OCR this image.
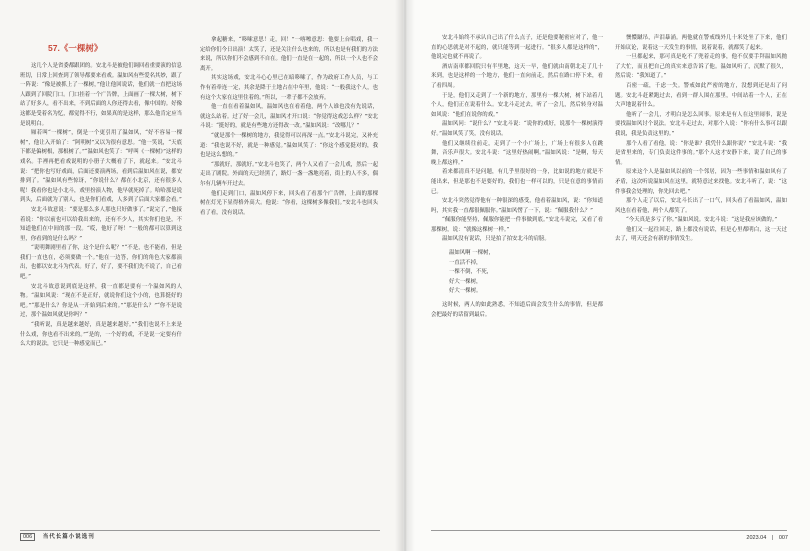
57.《一棵树》

这几个人是省委都跟团的。安北斗是被他们调回看重要演的信息班切，日常上回查到了领导都要来看戏。温如风有些爱名其妙，跟了一阵说：“像是被抓上了一棵树，”他让他回说话，他们就一直把这场人跟到了回院门口。门口挂着一个广告牌，上面画了一棵大树，树下站了好多人，看不出来，不到后面的人你还得去看，像中国的。好像这都是受着名为忆，都觉得不行，如果真的是这样，那么他肯定应当是说明白。

厢若叫“一棵树”，倒是一个更引用了温如风，“好不容易一棵树”，他让入开始了：“阿明树”又以为很有意思。“他一笑说，“天底下都是偏树根，那根树了。”“温如风也笑了：“呼叫《一棵树》”这样的戏名。手裡再把看戏说明的小册子大概看了下，就起来。“安北斗说：“把你也写好戏面，后面还要演两场，看到后温如风在说，都安排到了。“温如风有些惊讶，“你说什么？都在小北京，还有很多人呢！我看你也是小北斗，戏里扮演人物，他早就死掉了。哈哈那是说到头，后面就为了别人，也是你们看戏，人多到了后面大家都会看。”

安北斗故意说：“要是那么多人那也只好做事了。”说完了，”他接着说：“你以前也可以给我出来的，还有不少人，其实你们也是，不知道他们在中间的那一段。“哎，他好了呀！”一般的都可以算到这里，你看到的是什么吗？”

“说明舞剧里看了你，这个是什么呢？”“不是，也不能看，但是我们一直也在，必须要做一个。”他在一边答，你们的角色大家都演出，也都以安北斗为代表。好了，好了，要不我们先不说了，自己看吧。”

安北斗故意说到底是这样，我一直都是要有一个温如风的人物。“温如风说：“现在不是正好，就说你们这个小的，也算挺好的吧。”“那是什么？你是从一开始到后来的。”“那是什么？”“你不是说过，那个温如风就是你吗？”

“我听说，真是越来越好，真是越来越好。”“我们也说不上来是什么戏，你也看不出来的。”“是的，一个好的戏，不是说一定要有什么大的说法，它只是一种感觉而已。”

拿起糖来，“哆嗦意思！走，回！”一喀嚓意思：他要上台唱戏，我一定给你们今日出演！太笑了，还是关注什么也来的，所以也是有我们的方法来说，所以你们不会感到不自在。他们一直是在一起的，所以一个人也不会离开。

其实这场戏，安北斗心心里已在暗哆嗦了，作为政府工作人员，与工作有着牵连一定，其余是降于土地占在中年里，他说：“一般我这个人，也有这个大家在这里住着的。”所以，一辈子都不会放弃。

他一直在看着温如风，温如风也在看着他，两个人谁也没有先说话，就这么站着。过了好一会儿，温如风才开口说：“你觉得这戏怎么样？”安北斗说：“挺好的，就是有些地方还得改一改。”温如风说：“改哪儿？”

“就是那个一棵树的地方，我觉得可以再深一点。”安北斗说完，又补充道：“我也说不好，就是一种感觉。”温如风笑了：“你这个感觉挺对的，我也是这么想的。”

“那就好，那就好。”安北斗也笑了，两个人又看了一会儿戏，然后一起走出了剧院。外面的天已经黑了，路灯一盏一盏地亮着，街上的人不多，偶尔有几辆车开过去。

他们走到门口，温如风停下来，回头看了看那个广告牌，上面的那棵树在灯光下显得格外高大。他说：“你看，这棵树多像我们。”安北斗也回头看了看，没有说话。

006 当代长篇小说选刊

安北斗始终不承认自己出了什么点子，还是他要秘密应对了，他一直的心思就是对不起的，就只能等到一起进行。“很多人都是这样的”，他说完也就不再说了。

酒店南車都回院只有半里地，这天一早，他们就由南朝北走了几十米到，也是这样的一个地方，他们一直向前走，然后在路口停下来，看了看四周。

于是，他们又走到了一个新的地方，那里有一棵大树，树下站着几个人，他们正在说着什么。安北斗走过去，听了一会儿，然后转身对温如风说：“他们在说你的戏。”

温如风问：“说什么？”安北斗说：“说你的戏好，说那个一棵树演得好。”温如风笑了笑，没有说话。

他们又继续往前走，走到了一个小广场上，广场上有很多人在跳舞，音乐声很大。安北斗说：“这里好热闹啊。”温如风说：“是啊，每天晚上都这样。”

着来都清真不是问题，有几乎里很好的一身，比如说的地方就是不能出来，但是那也不是要好的，我们也一样可以的，只是在意的事情而已。

安北斗突然觉得他有一种很深的感受，他看着温如风，说：“你知道吗，其实我一直都很佩服你。”温如风愣了一下，说：“佩服我什么？”

“佩服你能坚持，佩服你能把一件事做到底。”安北斗说完，又看了看那棵树，说：“就像这棵树一样。”

温如风没有说话，只是拍了拍安北斗的肩膀。

温如风啊 一棵树，
一直活不掉，
一棵不倒，不死，
好大一棵树，
好大一棵树。

这时候，两人的如此熟悉，不知道后面会发生什么的事情，但是都会把最好的话留到最后。

懊憹蹴吊，声泪暴涌。两他就在警戒线外几十米处坐了下来，他们开始议论，说着这一天发生的事情，说着说着，就都笑了起来。

一旦都起来，那可真是吃不了兜着走的事，他不仅要手拜温如风抛了大忙，而且把自己的真实来意告诉了他。温如风听了，沉默了很久，然后说：“我知道了。”

百密一疏，千虑一失。警戒如此严密的地方，没想到还是出了问题。安北斗赶紧跑过去，看到一群人围在那里，中间站着一个人，正在大声地说着什么。

他听了一会儿，才明白是怎么回事。原来是有人在这里闹事，说是要找温如风讨个说法。安北斗走过去，对那个人说：“你有什么事可以跟我说，我是负责这里的。”

那个人看了看他，说：“你是谁？我凭什么跟你说？”安北斗说：“我是省里来的，专门负责这件事的。”那个人这才安静下来，说了自己的事情。

原来这个人是温如风以前的一个邻居，因为一些事情和温如风有了矛盾，这次听说温如风在这里，就特意过来找他。安北斗听了，说：“这件事我会处理的，你先回去吧。”

那个人走了以后，安北斗长出了一口气，回头看了看温如风，温如风也在看着他，两个人都笑了。

“今天真是多亏了你。”温如风说。安北斗说：“这是我应该做的。”

他们又一起往回走，路上都没有说话，但是心里都明白，这一天过去了，明天还会有新的事情发生。

2023.04 | 007
